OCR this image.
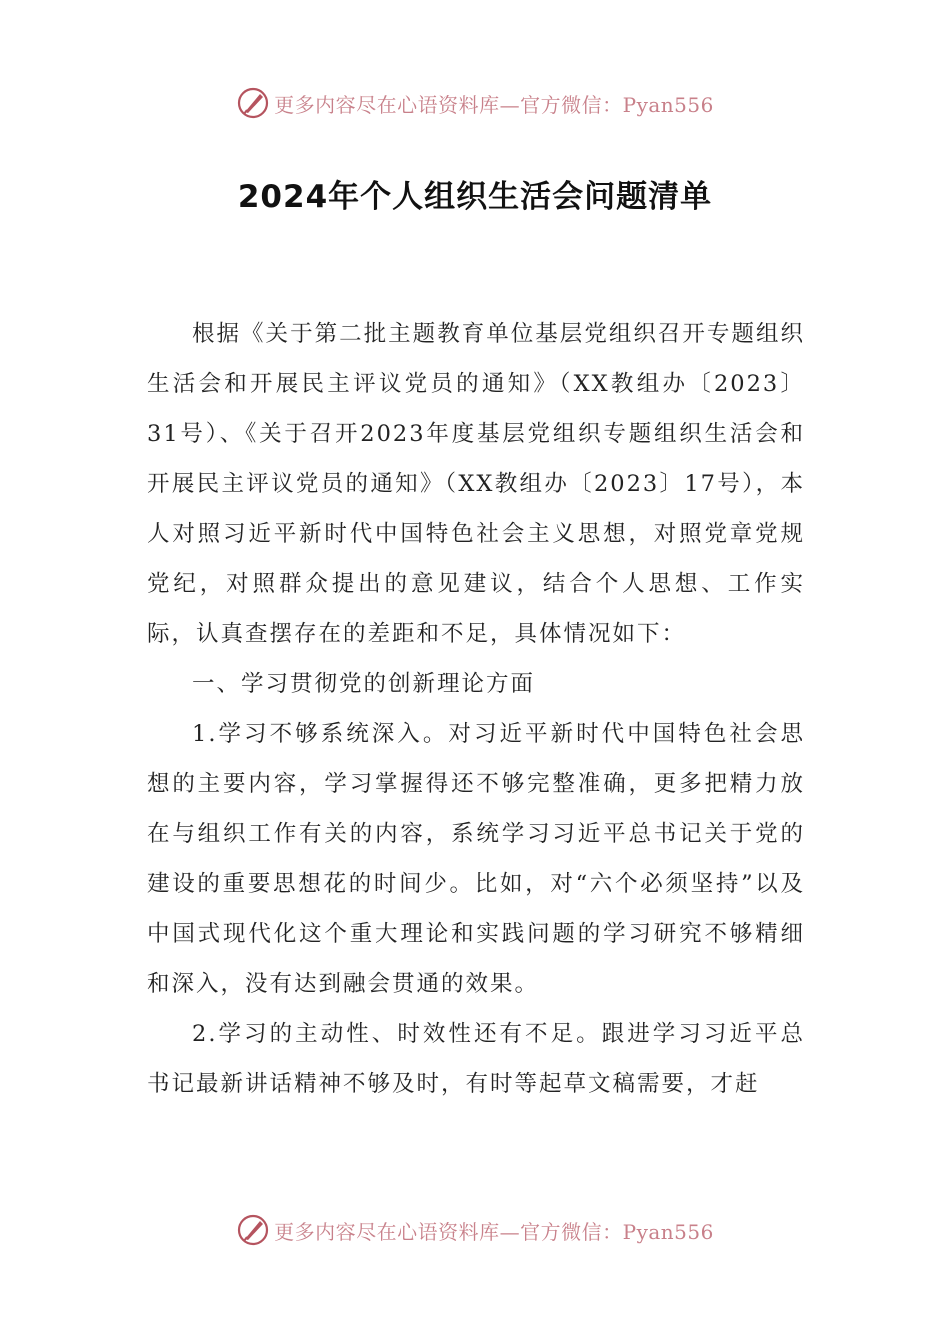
更多内容尽在心语资料库—官方微信：Pyan556
2024年个人组织生活会问题清单

根据《关于第二批主题教育单位基层党组织召开专题组织生活会和开展民主评议党员的通知》（XX教组办〔2023〕31号）、《关于召开2023年度基层党组织专题组织生活会和开展民主评议党员的通知》（XX教组办〔2023〕17号），本人对照习近平新时代中国特色社会主义思想，对照党章党规党纪，对照群众提出的意见建议，结合个人思想、工作实际，认真查摆存在的差距和不足，具体情况如下：

一、学习贯彻党的创新理论方面

1.学习不够系统深入。对习近平新时代中国特色社会思想的主要内容，学习掌握得还不够完整准确，更多把精力放在与组织工作有关的内容，系统学习习近平总书记关于党的建设的重要思想花的时间少。比如，对“六个必须坚持”以及中国式现代化这个重大理论和实践问题的学习研究不够精细和深入，没有达到融会贯通的效果。

2.学习的主动性、时效性还有不足。跟进学习习近平总书记最新讲话精神不够及时，有时等起草文稿需要，才赶

更多内容尽在心语资料库—官方微信：Pyan556
